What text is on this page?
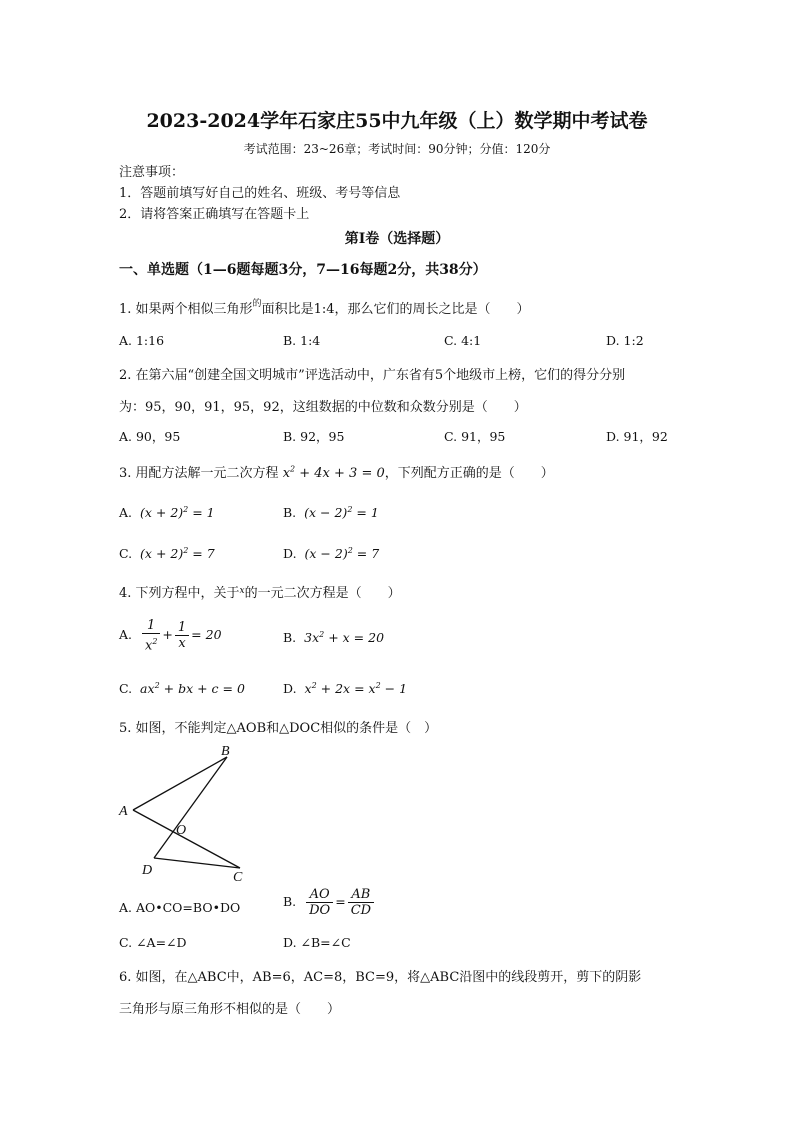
2023-2024学年石家庄55中九年级（上）数学期中考试卷
考试范围：23~26章；考试时间：90分钟；分值：120分
注意事项：
1．答题前填写好自己的姓名、班级、考号等信息
2．请将答案正确填写在答题卡上
第Ⅰ卷（选择题）
一、单选题（1—6题每题3分，7—16每题2分，共38分）
1. 如果两个相似三角形$^的$面积比是1:4，那么它们的周长之比是（　　）
A. 1:16	B. 1:4	C. 4:1	D. 1:2
2. 在第六届“创建全国文明城市”评选活动中，广东省有5个地级市上榜，它们的得分分别
为：95，90，91，95，92，这组数据的中位数和众数分别是（　　）
A. 90，95	B. 92，95	C. 91，95	D. 91，92
3. 用配方法解一元二次方程 $x^2 + 4x + 3 = 0$，下列配方正确的是（　　）
A. $(x + 2)^2 = 1$	B. $(x - 2)^2 = 1$
C. $(x + 2)^2 = 7$	D. $(x - 2)^2 = 7$
4. 下列方程中，关于$^x$的一元二次方程是（　　）
A. $\frac{1}{x^2} + \frac{1}{x} = 20$	B. $3x^2 + x = 20$
C. $ax^2$ + bx + c = 0	D. $x^2 + 2x = x^2 - 1$
5. 如图，不能判定△AOB和△DOC相似的条件是（　）
B
A
O
D	C
A. AO•CO=BO•DO	B. $\frac{AO}{DO} = \frac{AB}{CD}$
C. ∠A=∠D	D. ∠B=∠C
6. 如图，在△ABC中，AB=6，AC=8，BC=9，将△ABC沿图中的线段剪开，剪下的阴影
三角形与原三角形不相似的是（　　）
